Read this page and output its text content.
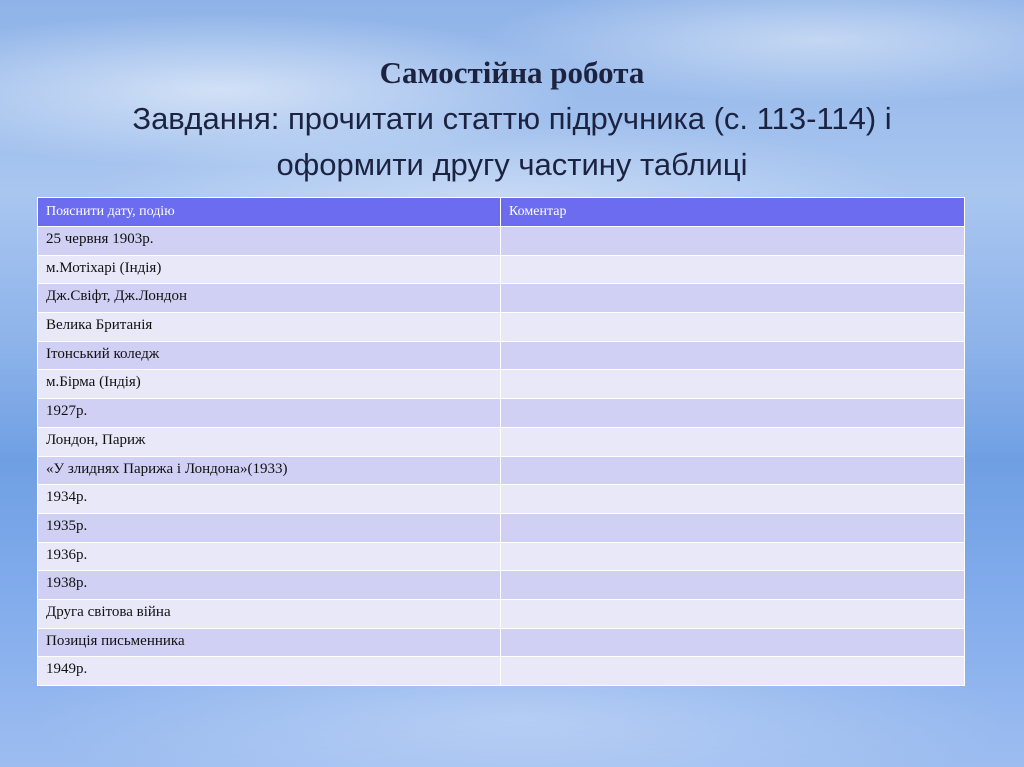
Самостійна робота
Завдання: прочитати статтю підручника (с. 113-114) і
оформити другу частину таблиці
Пояснити дату, подію	Коментар
25 червня 1903р.	
м.Мотіхарі (Індія)	
Дж.Свіфт, Дж.Лондон	
Велика Британія	
Ітонський коледж	
м.Бірма (Індія)	
1927р.	
Лондон, Париж	
«У злиднях Парижа і Лондона»(1933)	
1934р.	
1935р.	
1936р.	
1938р.	
Друга світова війна	
Позиція письменника	
1949р.	
